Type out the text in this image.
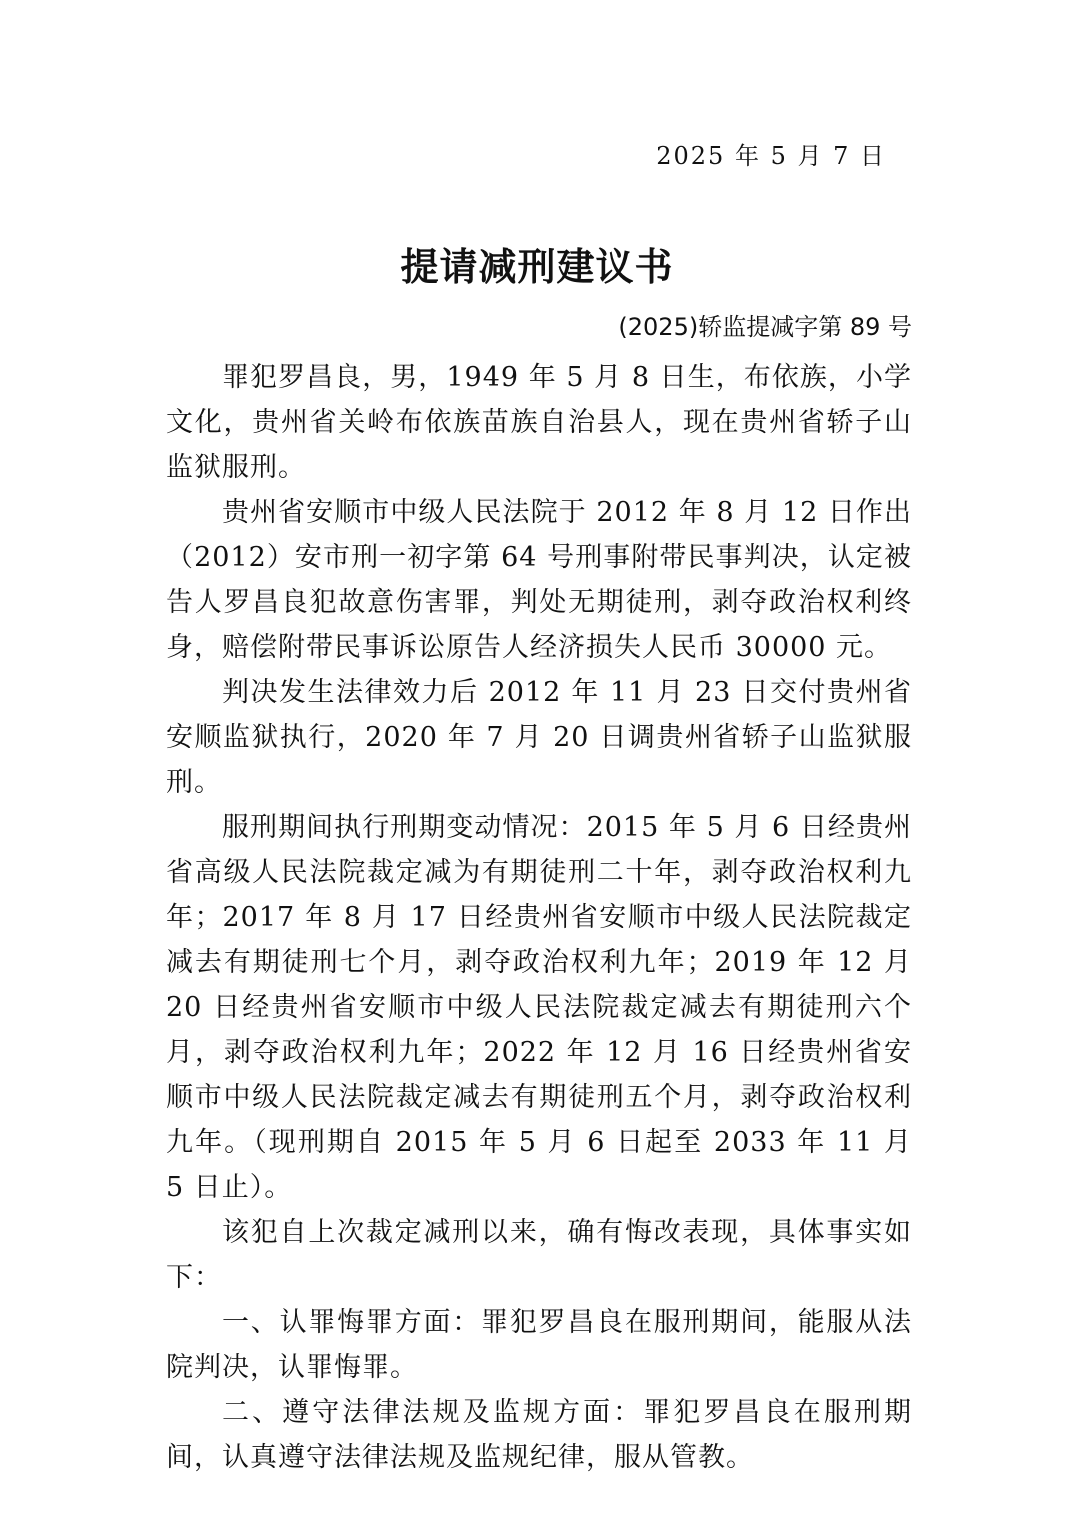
2025 年 5 月 7 日
提请减刑建议书
(2025)轿监提减字第 89 号

罪犯罗昌良，男，1949 年 5 月 8 日生，布依族，小学文化，贵州省关岭布依族苗族自治县人，现在贵州省轿子山监狱服刑。

贵州省安顺市中级人民法院于 2012 年 8 月 12 日作出（2012）安市刑一初字第 64 号刑事附带民事判决，认定被告人罗昌良犯故意伤害罪，判处无期徒刑，剥夺政治权利终身，赔偿附带民事诉讼原告人经济损失人民币 30000 元。

判决发生法律效力后 2012 年 11 月 23 日交付贵州省安顺监狱执行，2020 年 7 月 20 日调贵州省轿子山监狱服刑。

服刑期间执行刑期变动情况：2015 年 5 月 6 日经贵州省高级人民法院裁定减为有期徒刑二十年，剥夺政治权利九年；2017 年 8 月 17 日经贵州省安顺市中级人民法院裁定减去有期徒刑七个月，剥夺政治权利九年；2019 年 12 月 20 日经贵州省安顺市中级人民法院裁定减去有期徒刑六个月，剥夺政治权利九年；2022 年 12 月 16 日经贵州省安顺市中级人民法院裁定减去有期徒刑五个月，剥夺政治权利九年。（现刑期自 2015 年 5 月 6 日起至 2033 年 11 月 5 日止）。

该犯自上次裁定减刑以来，确有悔改表现，具体事实如下：

一、认罪悔罪方面：罪犯罗昌良在服刑期间，能服从法院判决，认罪悔罪。

二、遵守法律法规及监规方面：罪犯罗昌良在服刑期间，认真遵守法律法规及监规纪律，服从管教。
